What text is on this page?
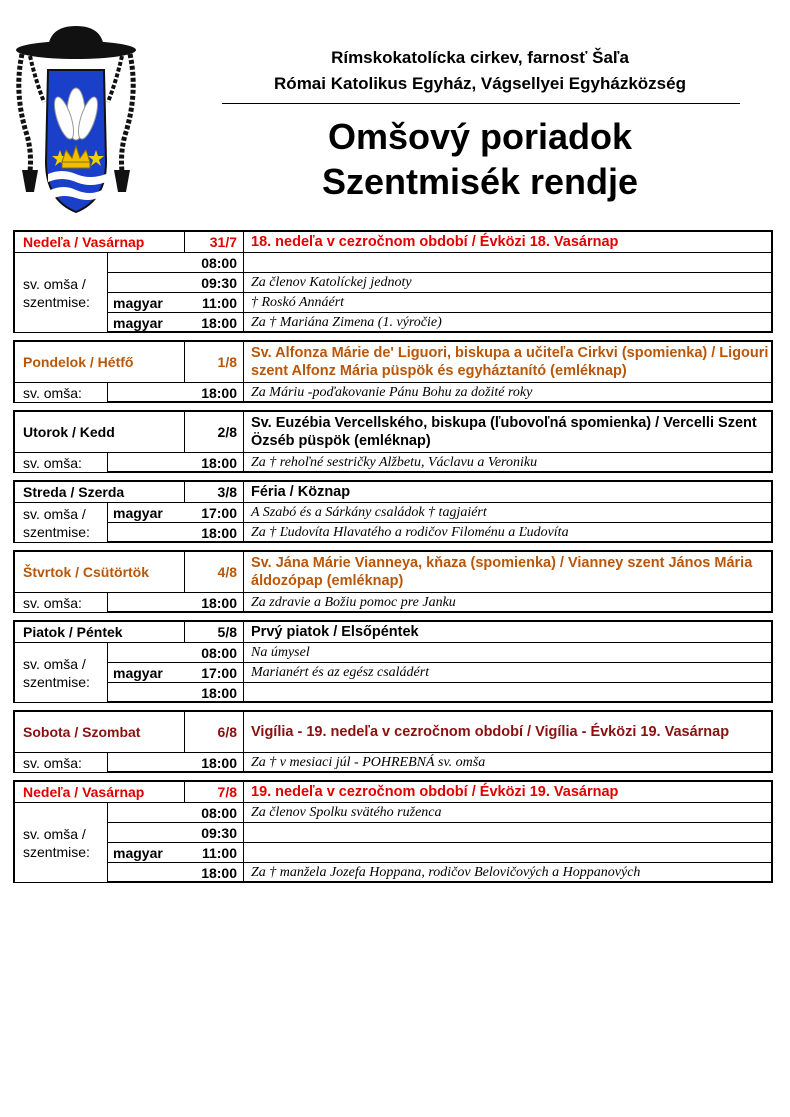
Rímskokatolícka cirkev, farnosť Šaľa
Római Katolikus Egyház, Vágsellyei Egyházközség
Omšový poriadok
Szentmisék rendje
Nedeľa / Vasárnap	31/7 18. nedeľa v cezročnom období / Évközi 18. Vasárnap
08:00
09:30	Za členov Katolíckej jednoty
magyar	11:00	† Roskó Annáért
magyar	18:00	Za † Mariána Zimena (1. výročie)
sv. omša / szentmise:
Pondelok / Hétfő	1/8
Sv. Alfonza Márie de' Liguori, biskupa a učiteľa Cirkvi (spomienka) / Ligouri szent Alfonz Mária püspök és egyháztanító (emléknap)
18:00	Za Máriu -poďakovanie Pánu Bohu za dožité roky
sv. omša:
Utorok / Kedd	2/8
Sv. Euzébia Vercellského, biskupa (ľubovoľná spomienka) / Vercelli Szent Özséb püspök (emléknap)
18:00	Za † rehoľné sestričky Alžbetu, Václavu a Veroniku
sv. omša:
Streda / Szerda	3/8 Féria / Köznap
magyar	17:00	A Szabó és a Sárkány családok † tagjaiért
18:00	Za † Ľudovíta Hlavatého a rodičov Filoménu a Ľudovíta
sv. omša / szentmise:
Štvrtok / Csütörtök	4/8
Sv. Jána Márie Vianneya, kňaza (spomienka) / Vianney szent János Mária áldozópap (emléknap)
18:00	Za zdravie a Božiu pomoc pre Janku
sv. omša:
Piatok / Péntek	5/8 Prvý piatok / Elsőpéntek
08:00	Na úmysel
magyar	17:00	Marianért és az egész családért
18:00
sv. omša / szentmise:
Sobota / Szombat	6/8 Vigília - 19. nedeľa v cezročnom období / Vigília - Évközi 19. Vasárnap
18:00	Za † v mesiaci júl - POHREBNÁ sv. omša
sv. omša:
Nedeľa / Vasárnap	7/8 19. nedeľa v cezročnom období / Évközi 19. Vasárnap
08:00	Za členov Spolku svätého ruženca
09:30
magyar	11:00
18:00	Za † manžela Jozefa Hoppana, rodičov Belovičových a Hoppanových
sv. omša / szentmise:
